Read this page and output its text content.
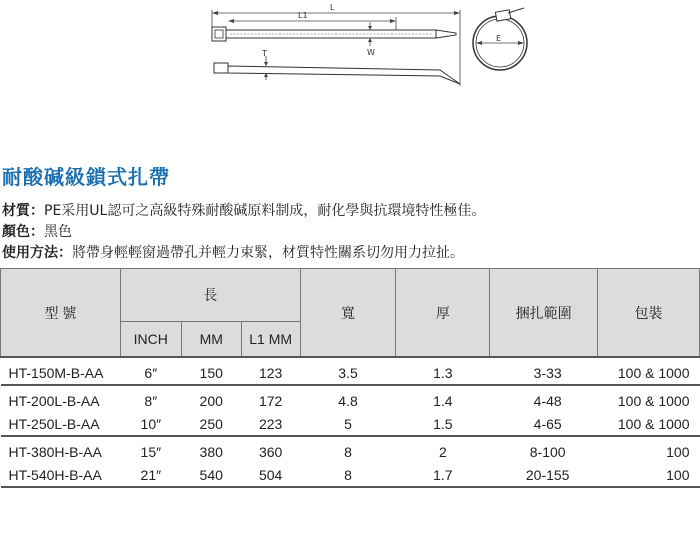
L
L1
W
T
E
耐酸碱級鎖式扎帶
材質：PE采用UL認可之高級特殊耐酸碱原料制成，耐化學與抗環境特性極佳。
顏色：黑色
使用方法：將帶身輕輕窗過帶孔并輕力束緊，材質特性關系切勿用力拉扯。
型 號	長			寬	厚	捆扎範圍	包裝
	INCH	MM	L1 MM				
HT-150M-B-AA	6″	150	123	3.5	1.3	3-33	100 & 1000
HT-200L-B-AA	8″	200	172	4.8	1.4	4-48	100 & 1000
HT-250L-B-AA	10″	250	223	5	1.5	4-65	100 & 1000
HT-380H-B-AA	15″	380	360	8	2	8-100	100
HT-540H-B-AA	21″	540	504	8	1.7	20-155	100
